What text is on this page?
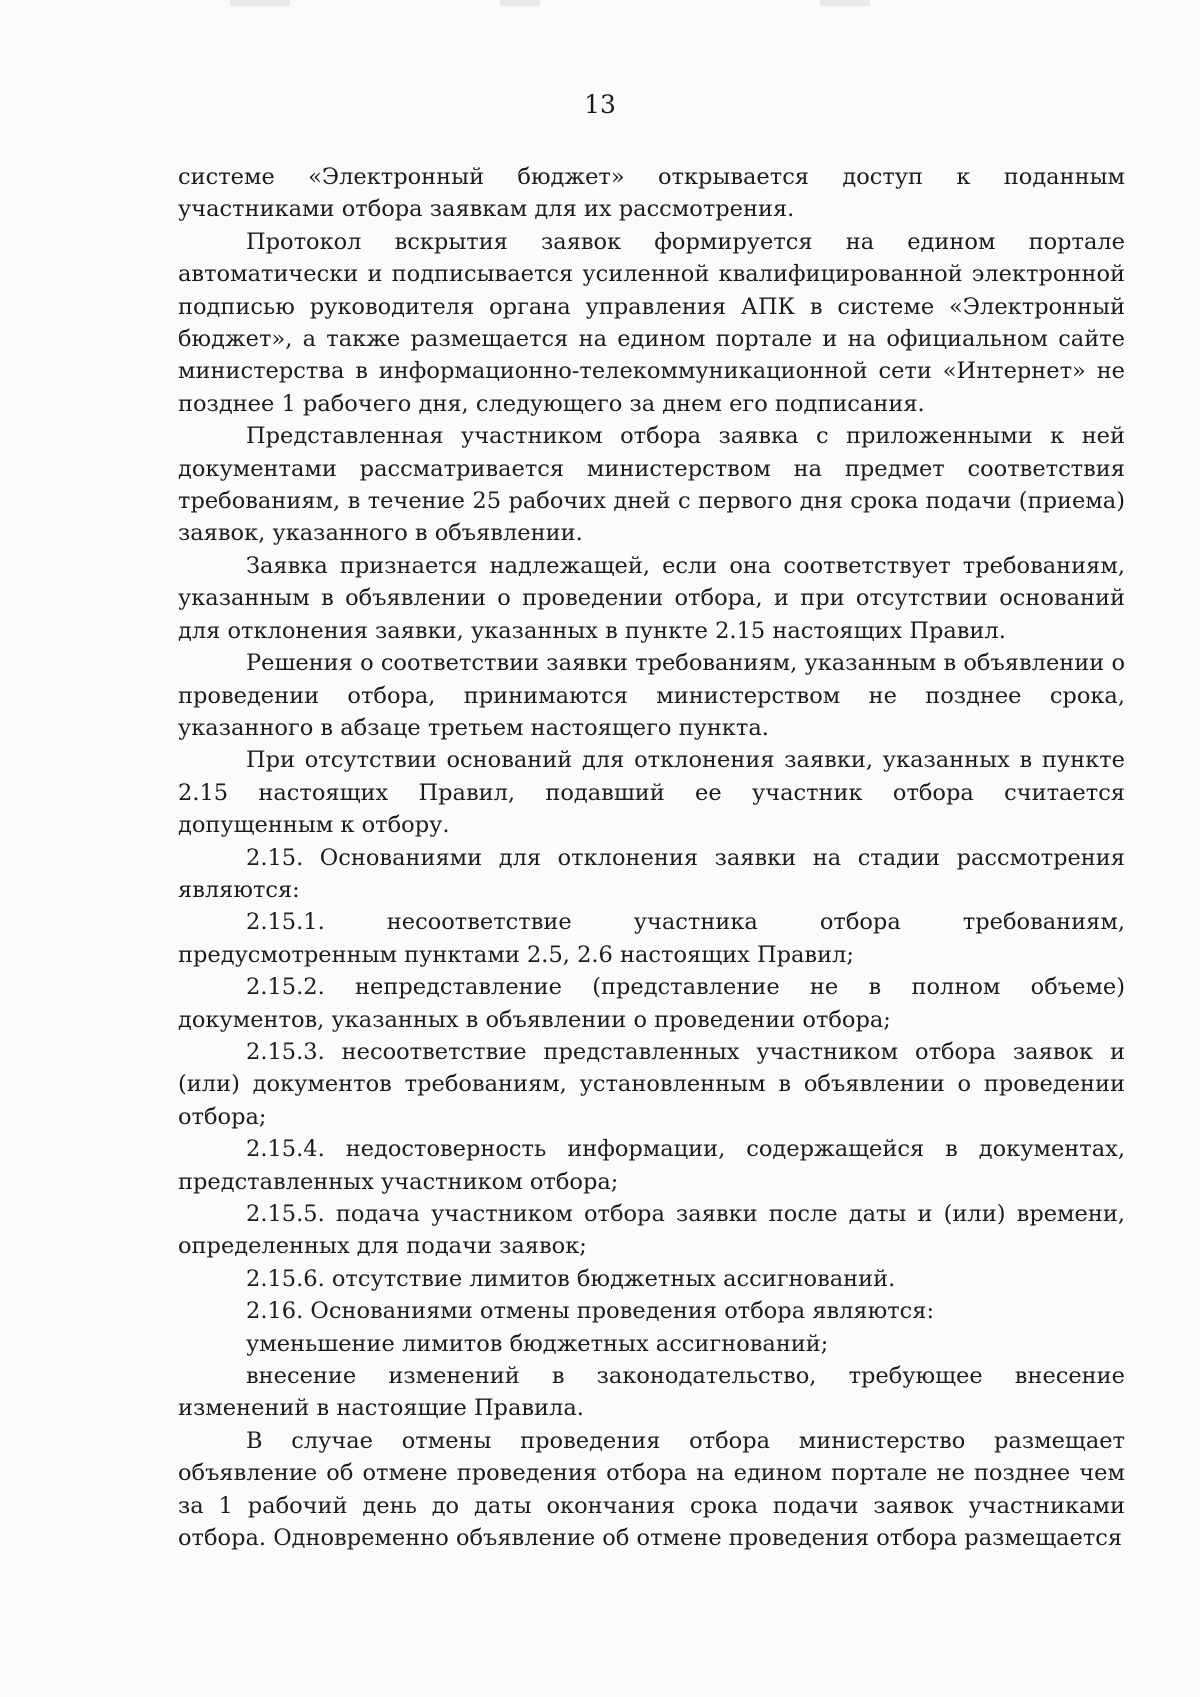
13

системе «Электронный бюджет» открывается доступ к поданным участниками отбора заявкам для их рассмотрения.

Протокол вскрытия заявок формируется на едином портале автоматически и подписывается усиленной квалифицированной электронной подписью руководителя органа управления АПК в системе «Электронный бюджет», а также размещается на едином портале и на официальном сайте министерства в информационно-телекоммуникационной сети «Интернет» не позднее 1 рабочего дня, следующего за днем его подписания.

Представленная участником отбора заявка с приложенными к ней документами рассматривается министерством на предмет соответствия требованиям, в течение 25 рабочих дней с первого дня срока подачи (приема) заявок, указанного в объявлении.

Заявка признается надлежащей, если она соответствует требованиям, указанным в объявлении о проведении отбора, и при отсутствии оснований для отклонения заявки, указанных в пункте 2.15 настоящих Правил.

Решения о соответствии заявки требованиям, указанным в объявлении о проведении отбора, принимаются министерством не позднее срока, указанного в абзаце третьем настоящего пункта.

При отсутствии оснований для отклонения заявки, указанных в пункте 2.15 настоящих Правил, подавший ее участник отбора считается допущенным к отбору.

2.15. Основаниями для отклонения заявки на стадии рассмотрения являются:

2.15.1. несоответствие участника отбора требованиям, предусмотренным пунктами 2.5, 2.6 настоящих Правил;

2.15.2. непредставление (представление не в полном объеме) документов, указанных в объявлении о проведении отбора;

2.15.3. несоответствие представленных участником отбора заявок и (или) документов требованиям, установленным в объявлении о проведении отбора;

2.15.4. недостоверность информации, содержащейся в документах, представленных участником отбора;

2.15.5. подача участником отбора заявки после даты и (или) времени, определенных для подачи заявок;

2.15.6. отсутствие лимитов бюджетных ассигнований.

2.16. Основаниями отмены проведения отбора являются:

уменьшение лимитов бюджетных ассигнований;

внесение изменений в законодательство, требующее внесение изменений в настоящие Правила.

В случае отмены проведения отбора министерство размещает объявление об отмене проведения отбора на едином портале не позднее чем за 1 рабочий день до даты окончания срока подачи заявок участниками отбора. Одновременно объявление об отмене проведения отбора размещается
